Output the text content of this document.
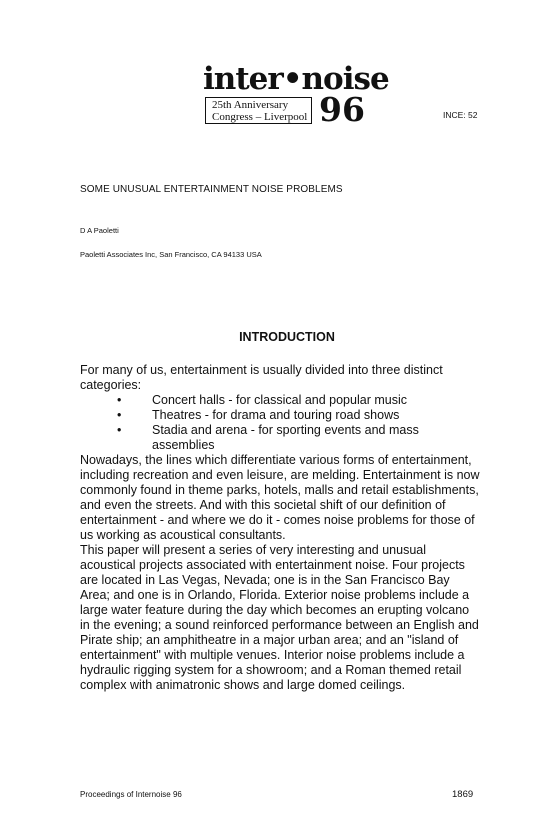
inter•noise
25th Anniversary
Congress – Liverpool 96	INCE: 52
SOME UNUSUAL ENTERTAINMENT NOISE PROBLEMS
D A Paoletti
Paoletti Associates Inc, San Francisco, CA 94133 USA
INTRODUCTION

For many of us, entertainment is usually divided into three distinct categories:

• Concert halls - for classical and popular music
• Theatres - for drama and touring road shows
• Stadia and arena - for sporting events and mass assemblies

Nowadays, the lines which differentiate various forms of entertainment, including recreation and even leisure, are melding. Entertainment is now commonly found in theme parks, hotels, malls and retail establishments, and even the streets. And with this societal shift of our definition of entertainment - and where we do it - comes noise problems for those of us working as acoustical consultants.

This paper will present a series of very interesting and unusual acoustical projects associated with entertainment noise. Four projects are located in Las Vegas, Nevada; one is in the San Francisco Bay Area; and one is in Orlando, Florida. Exterior noise problems include a large water feature during the day which becomes an erupting volcano in the evening; a sound reinforced performance between an English and Pirate ship; an amphitheatre in a major urban area; and an "island of entertainment" with multiple venues. Interior noise problems include a hydraulic rigging system for a showroom; and a Roman themed retail complex with animatronic shows and large domed ceilings.

Proceedings of Internoise 96	1869
